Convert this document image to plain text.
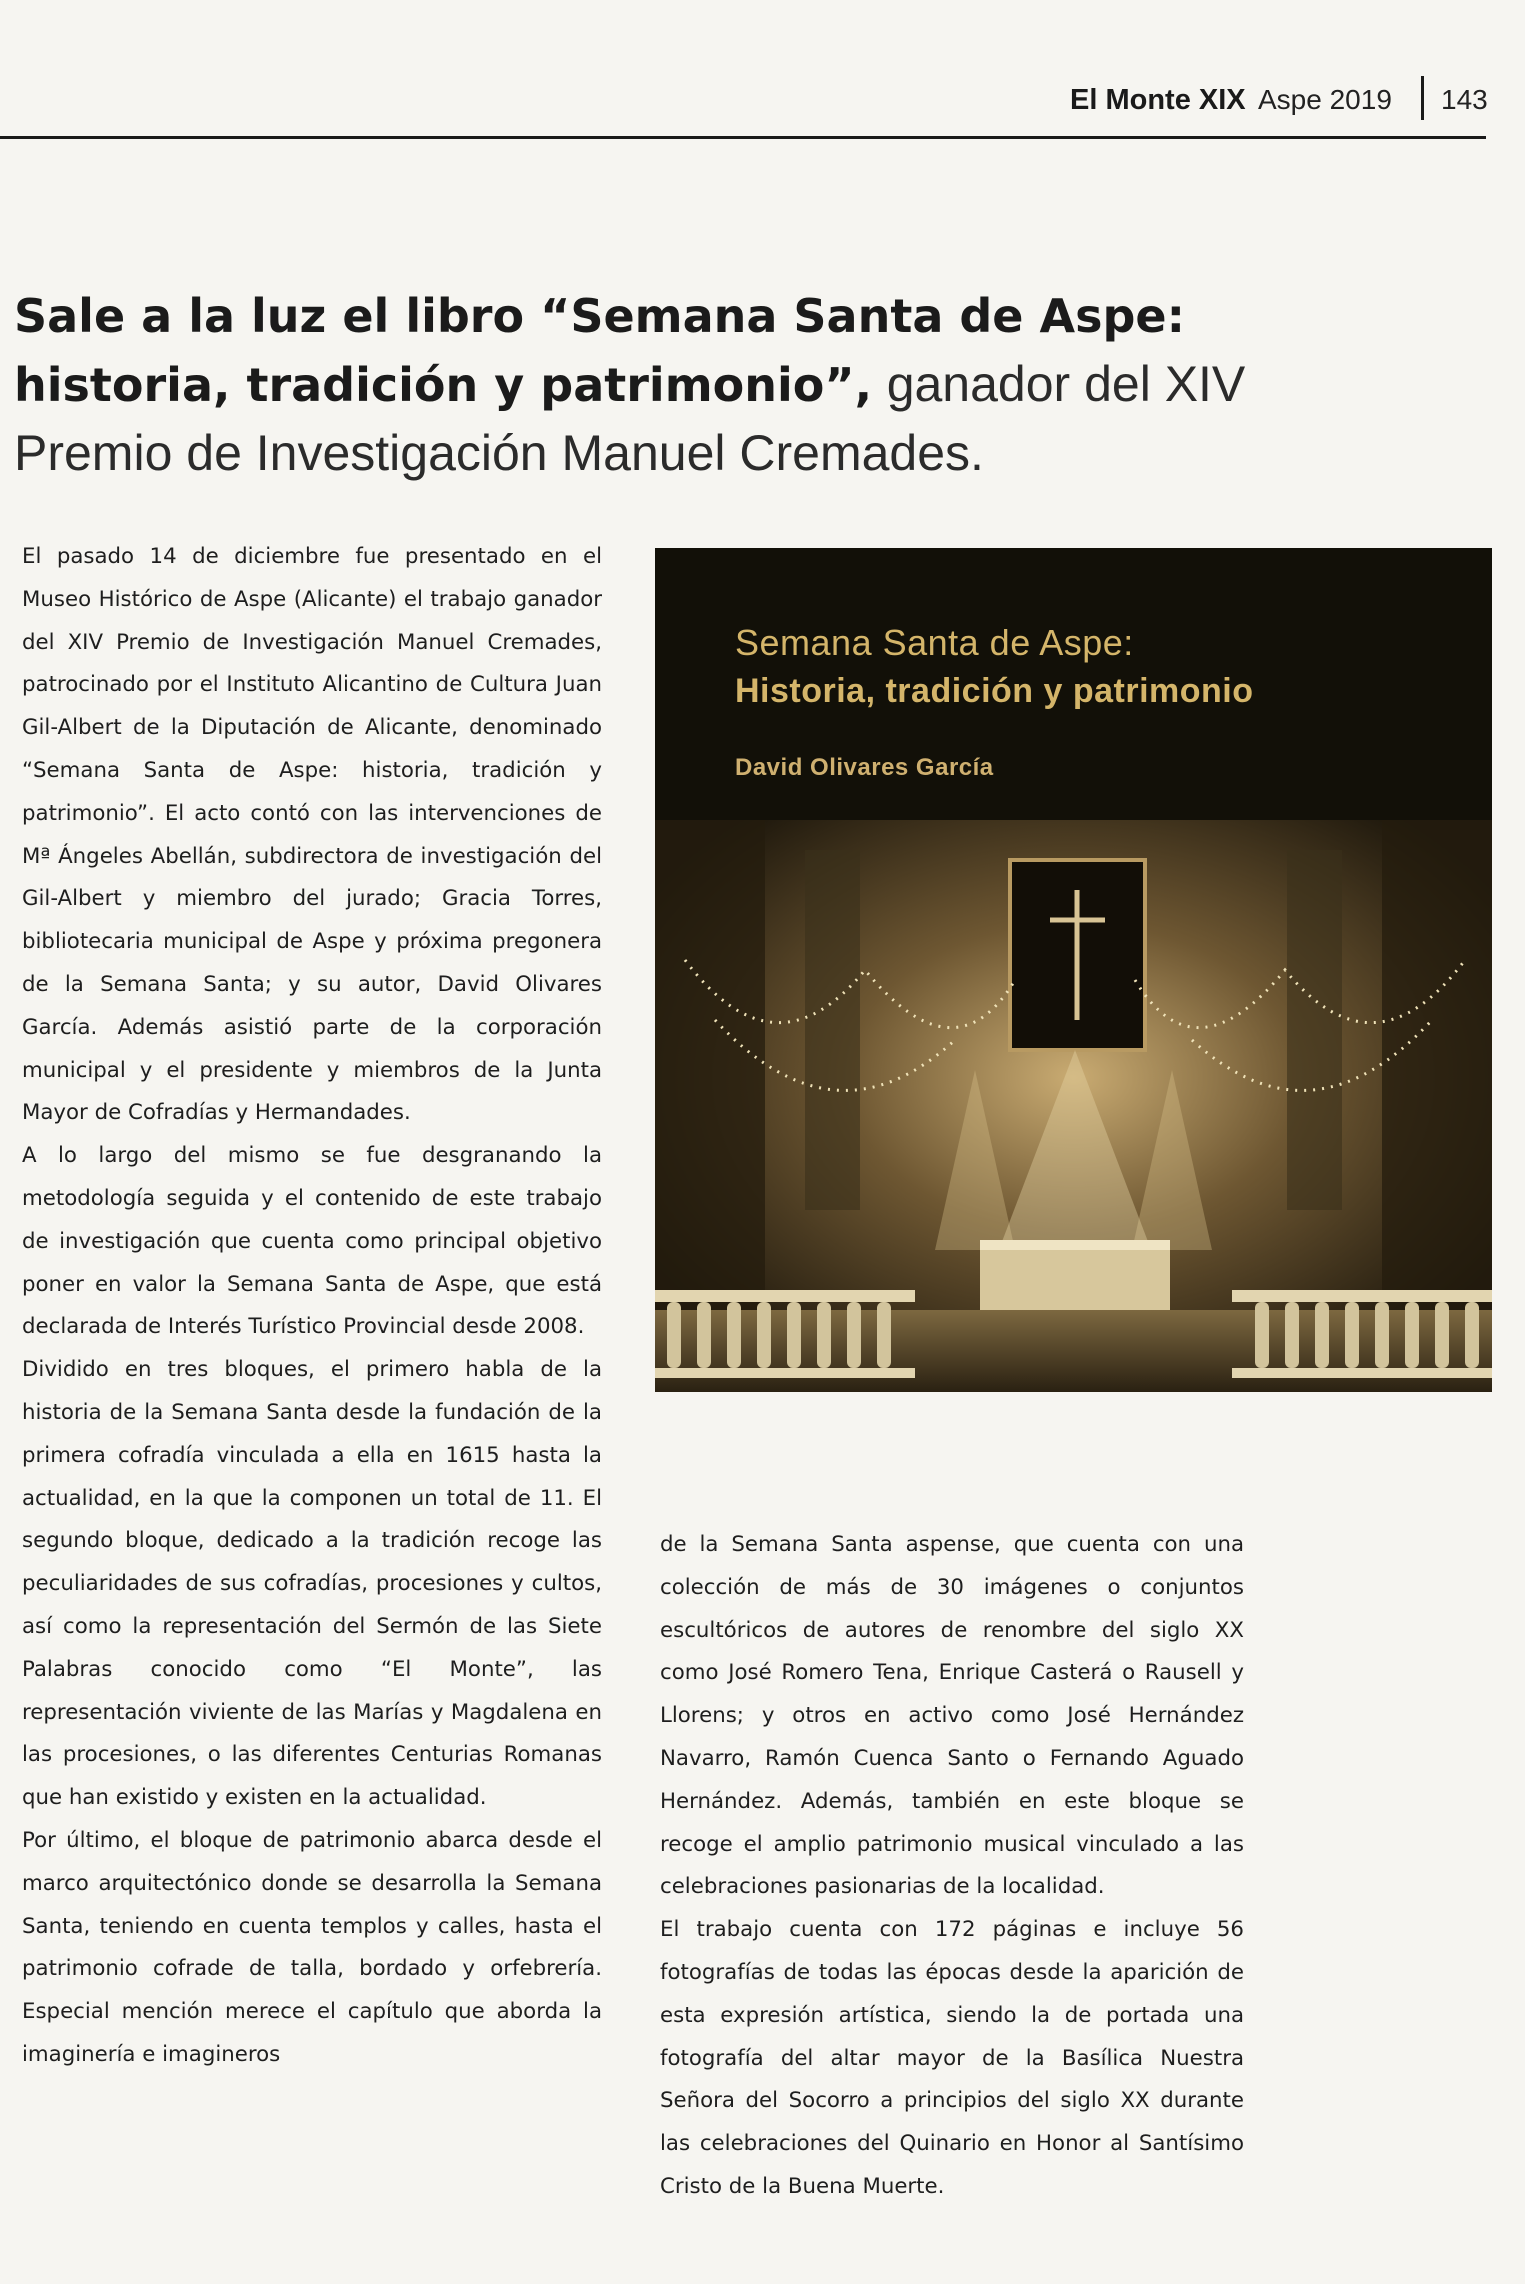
El Monte XIX Aspe 2019 143
Sale a la luz el libro “Semana Santa de Aspe: historia, tradición y patrimonio”, ganador del XIV Premio de Investigación Manuel Cremades.

El pasado 14 de diciembre fue presentado en el Museo Histórico de Aspe (Alicante) el trabajo ganador del XIV Premio de Investigación Manuel Cremades, patrocinado por el Instituto Alicantino de Cultura Juan Gil-Albert de la Diputación de Alicante, denominado “Semana Santa de Aspe: historia, tradición y patrimonio”. El acto contó con las intervenciones de Mª Ángeles Abellán, subdirectora de investigación del Gil-Albert y miembro del jurado; Gracia Torres, bibliotecaria municipal de Aspe y próxima pregonera de la Semana Santa; y su autor, David Olivares García. Además asistió parte de la corporación municipal y el presidente y miembros de la Junta Mayor de Cofradías y Hermandades.

A lo largo del mismo se fue desgranando la metodología seguida y el contenido de este trabajo de investigación que cuenta como principal objetivo poner en valor la Semana Santa de Aspe, que está declarada de Interés Turístico Provincial desde 2008.

Dividido en tres bloques, el primero habla de la historia de la Semana Santa desde la fundación de la primera cofradía vinculada a ella en 1615 hasta la actualidad, en la que la componen un total de 11. El segundo bloque, dedicado a la tradición recoge las peculiaridades de sus cofradías, procesiones y cultos, así como la representación del Sermón de las Siete Palabras conocido como “El Monte”, las representación viviente de las Marías y Magdalena en las procesiones, o las diferentes Centurias Romanas que han existido y existen en la actualidad.

Por último, el bloque de patrimonio abarca desde el marco arquitectónico donde se desarrolla la Semana Santa, teniendo en cuenta templos y calles, hasta el patrimonio cofrade de talla, bordado y orfebrería. Especial mención merece el capítulo que aborda la imaginería e imagineros

Semana Santa de Aspe:
Historia, tradición y patrimonio
David Olivares García

de la Semana Santa aspense, que cuenta con una colección de más de 30 imágenes o conjuntos escultóricos de autores de renombre del siglo XX como José Romero Tena, Enrique Casterá o Rausell y Llorens; y otros en activo como José Hernández Navarro, Ramón Cuenca Santo o Fernando Aguado Hernández. Además, también en este bloque se recoge el amplio patrimonio musical vinculado a las celebraciones pasionarias de la localidad.

El trabajo cuenta con 172 páginas e incluye 56 fotografías de todas las épocas desde la aparición de esta expresión artística, siendo la de portada una fotografía del altar mayor de la Basílica Nuestra Señora del Socorro a principios del siglo XX durante las celebraciones del Quinario en Honor al Santísimo Cristo de la Buena Muerte.
